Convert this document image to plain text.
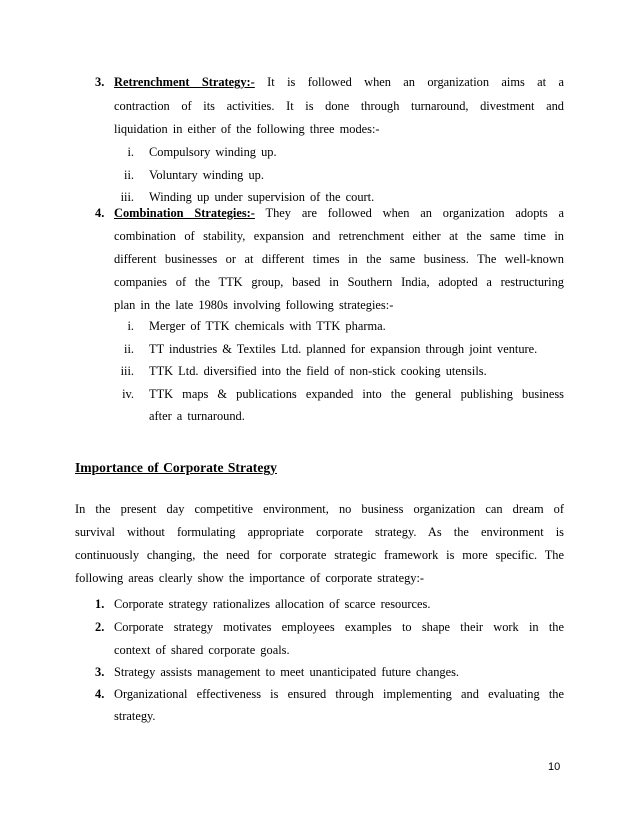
3. Retrenchment Strategy:- It is followed when an organization aims at a
contraction of its activities. It is done through turnaround, divestment and
liquidation in either of the following three modes:-
i. Compulsory winding up.
ii. Voluntary winding up.
iii. Winding up under supervision of the court.
4. Combination Strategies:- They are followed when an organization adopts a
combination of stability, expansion and retrenchment either at the same time in
different businesses or at different times in the same business. The well-known
companies of the TTK group, based in Southern India, adopted a restructuring
plan in the late 1980s involving following strategies:-
i. Merger of TTK chemicals with TTK pharma.
ii. TT industries & Textiles Ltd. planned for expansion through joint venture.
iii. TTK Ltd. diversified into the field of non-stick cooking utensils.
iv. TTK maps & publications expanded into the general publishing business
after a turnaround.
Importance of Corporate Strategy
In the present day competitive environment, no business organization can dream of
survival without formulating appropriate corporate strategy. As the environment is
continuously changing, the need for corporate strategic framework is more specific. The
following areas clearly show the importance of corporate strategy:-
1. Corporate strategy rationalizes allocation of scarce resources.
2. Corporate strategy motivates employees examples to shape their work in the
context of shared corporate goals.
3. Strategy assists management to meet unanticipated future changes.
4. Organizational effectiveness is ensured through implementing and evaluating the
strategy.
10
